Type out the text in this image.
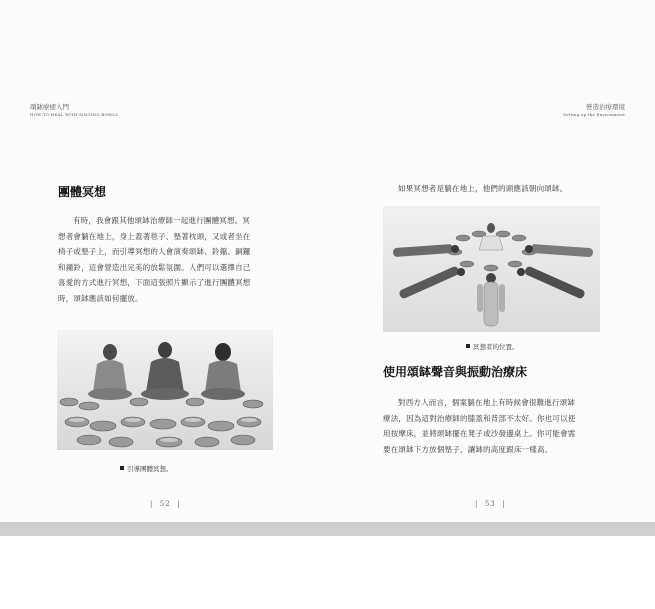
頌缽療癒入門
HOW TO HEAL WITH SINGING BOWLS
團體冥想
有時，我會跟其他頌缽治療師一起進行團體冥想。冥
想者會躺在地上，身上蓋著毯子、墊著枕頭，又或者坐在
椅子或墊子上，而引導冥想的人會演奏頌缽、鈴鐺、銅鑼
和鐘鈴，這會營造出完美的放鬆氛圍。人們可以選擇自己
喜愛的方式進行冥想，下面這張照片顯示了進行團體冥想
時，頌缽應該如何擺放。
引導團體冥想。
|  52  |
營造治療環境
Setting up the Environment
如果冥想者是躺在地上，他們的頭應該朝向頌缽。
冥想者的位置。
使用頌缽聲音與振動治療床
對西方人而言，個案躺在地上有時候會很難進行頌缽
療法，因為這對治療師的膝蓋和背部不太好。你也可以使
用按摩床，並將頌缽擺在凳子或沙發邊桌上。你可能會需
要在頌缽下方放個墊子，讓缽的高度跟床一樣高。
|  53  |
